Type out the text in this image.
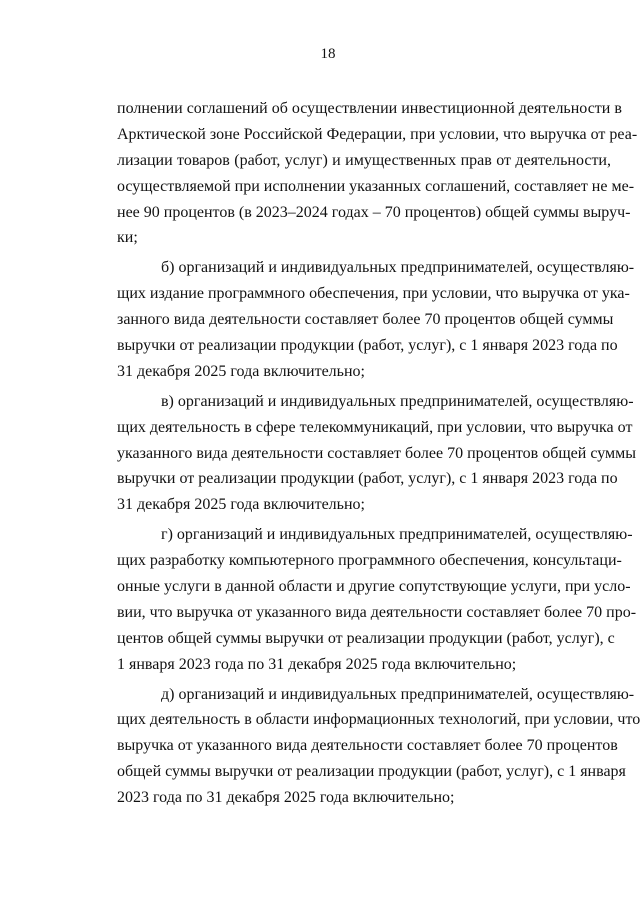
18
полнении соглашений об осуществлении инвестиционной деятельности в
Арктической зоне Российской Федерации, при условии, что выручка от реа-
лизации товаров (работ, услуг) и имущественных прав от деятельности,
осуществляемой при исполнении указанных соглашений, составляет не ме-
нее 90 процентов (в 2023–2024 годах – 70 процентов) общей суммы выруч-
ки;
б) организаций и индивидуальных предпринимателей, осуществляю-
щих издание программного обеспечения, при условии, что выручка от ука-
занного вида деятельности составляет более 70 процентов общей суммы
выручки от реализации продукции (работ, услуг), с 1 января 2023 года по
31 декабря 2025 года включительно;
в) организаций и индивидуальных предпринимателей, осуществляю-
щих деятельность в сфере телекоммуникаций, при условии, что выручка от
указанного вида деятельности составляет более 70 процентов общей суммы
выручки от реализации продукции (работ, услуг), с 1 января 2023 года по
31 декабря 2025 года включительно;
г) организаций и индивидуальных предпринимателей, осуществляю-
щих разработку компьютерного программного обеспечения, консультаци-
онные услуги в данной области и другие сопутствующие услуги, при усло-
вии, что выручка от указанного вида деятельности составляет более 70 про-
центов общей суммы выручки от реализации продукции (работ, услуг), с
1 января 2023 года по 31 декабря 2025 года включительно;
д) организаций и индивидуальных предпринимателей, осуществляю-
щих деятельность в области информационных технологий, при условии, что
выручка от указанного вида деятельности составляет более 70 процентов
общей суммы выручки от реализации продукции (работ, услуг), с 1 января
2023 года по 31 декабря 2025 года включительно;
